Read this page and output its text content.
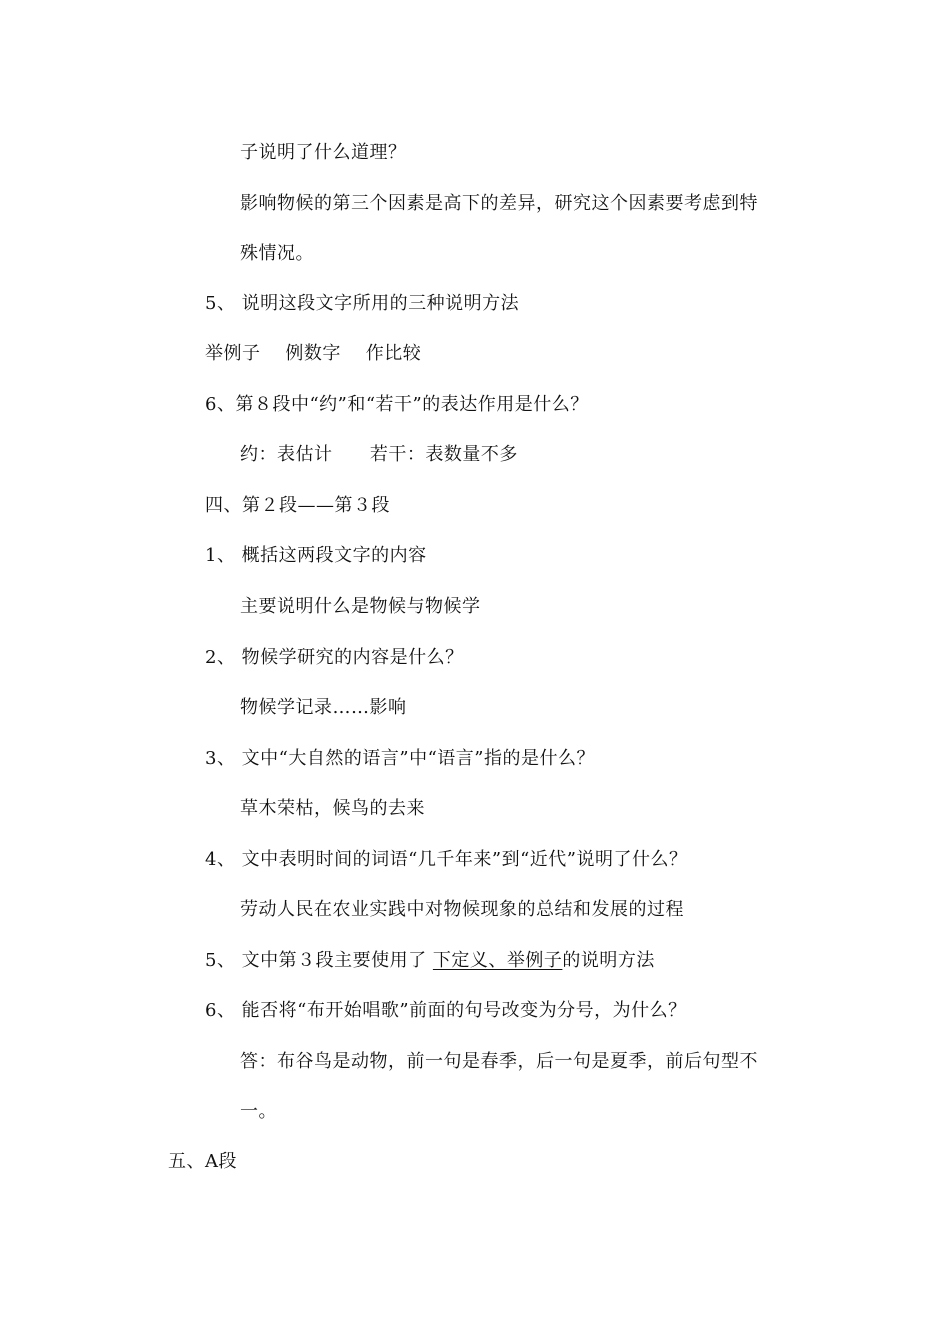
子说明了什么道理？
影响物候的第三个因素是高下的差异，研究这个因素要考虑到特
殊情况。
5、 说明这段文字所用的三种说明方法
举例子    例数字    作比较
6、第８段中“约”和“若干”的表达作用是什么？
约：表估计      若干：表数量不多
四、第２段——第３段
1、 概括这两段文字的内容
主要说明什么是物候与物候学
2、 物候学研究的内容是什么？
物候学记录……影响
3、 文中“大自然的语言”中“语言”指的是什么？
草木荣枯，候鸟的去来
4、 文中表明时间的词语“几千年来”到“近代”说明了什么？
劳动人民在农业实践中对物候现象的总结和发展的过程
5、 文中第３段主要使用了 下定义、举例子的说明方法
6、 能否将“布开始唱歌”前面的句号改变为分号，为什么？
答：布谷鸟是动物，前一句是春季，后一句是夏季，前后句型不
一。
五、A段
